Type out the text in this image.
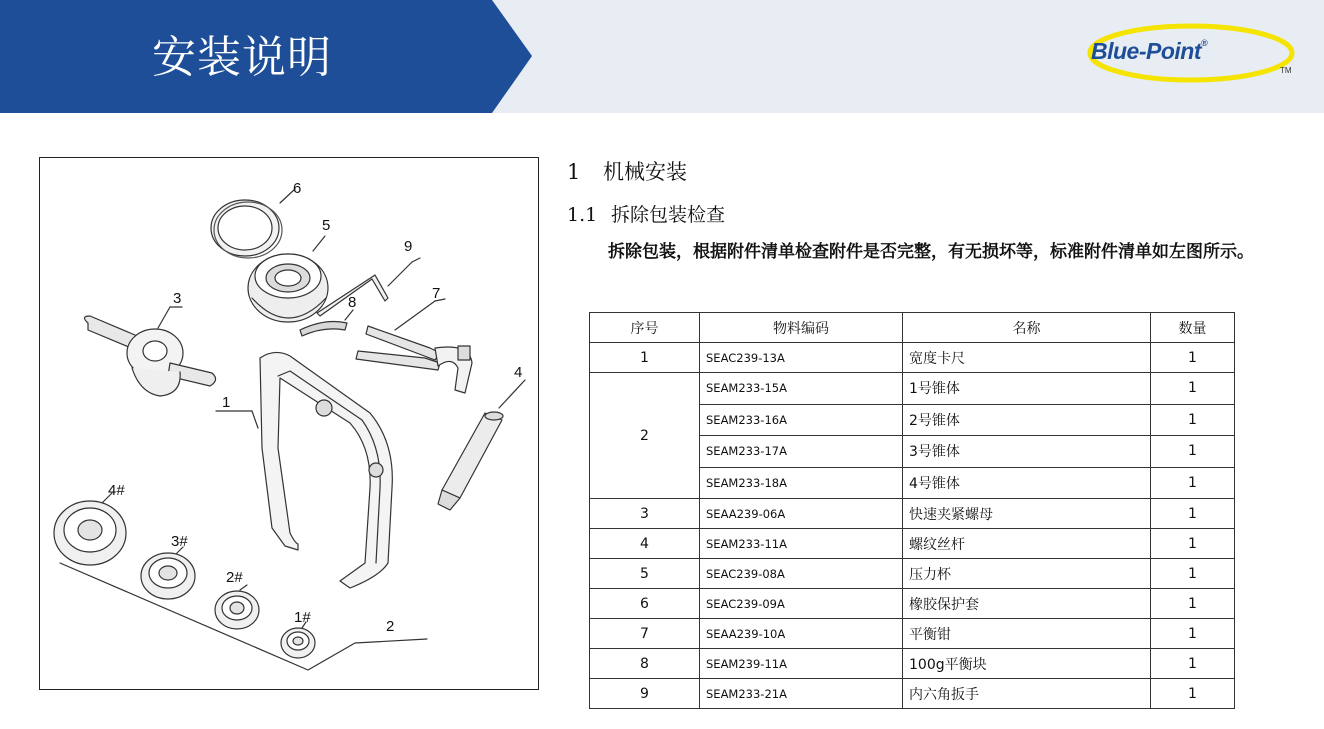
安装说明	Blue-Point®
TM
6
5
9
3	8
7
1
4
4#
3#
2#
1#
2
1 机械安装
1.1 拆除包装检查
拆除包装，根据附件清单检查附件是否完整，有无损坏等，标准附件清单如左图所示。
序号	物料编码	名称	数量
1	SEAC239-13A	宽度卡尺	1
2	SEAM233-15A	1号锥体	1
	SEAM233-16A	2号锥体	1
	SEAM233-17A	3号锥体	1
	SEAM233-18A	4号锥体	1
3	SEAA239-06A	快速夹紧螺母	1
4	SEAM233-11A	螺纹丝杆	1
5	SEAC239-08A	压力杯	1
6	SEAC239-09A	橡胶保护套	1
7	SEAA239-10A	平衡钳	1
8	SEAM239-11A	100g平衡块	1
9	SEAM233-21A	内六角扳手	1
